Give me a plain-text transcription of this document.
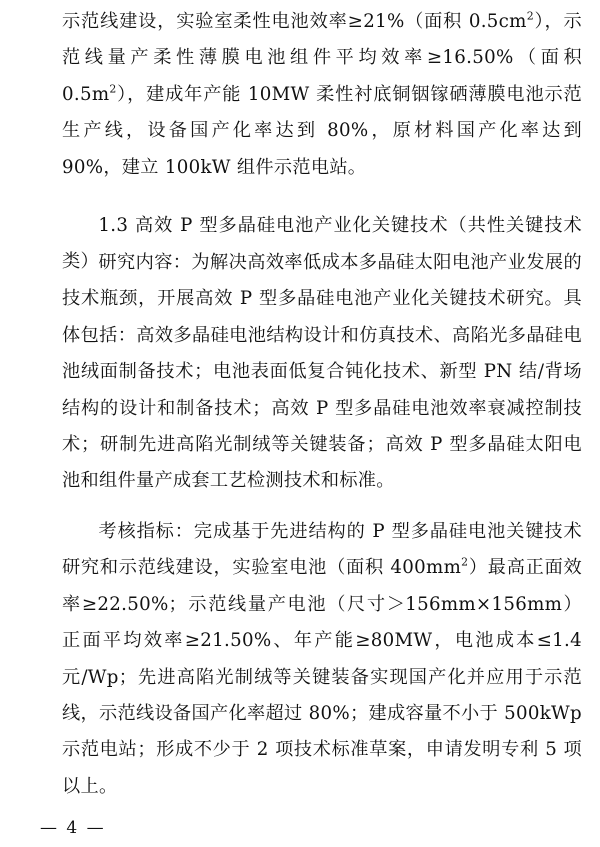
示范线建设，实验室柔性电池效率≥21%（面积 $0.5cm^2$），示范线量产柔性薄膜电池组件平均效率≥16.50%（面积 $0.5m^2$），建成年产能 10MW 柔性衬底铜铟镓硒薄膜电池示范生产线，设备国产化率达到 80%，原材料国产化率达到 90%，建立 100kW 组件示范电站。

1.3 高效 P 型多晶硅电池产业化关键技术（共性关键技术类） 研究内容：为解决高效率低成本多晶硅太阳电池产业发展的技术瓶颈，开展高效 P 型多晶硅电池产业化关键技术研究。具体包括：高效多晶硅电池结构设计和仿真技术、高陷光多晶硅电池绒面制备技术；电池表面低复合钝化技术、新型 PN 结/背场结构的设计和制备技术；高效 P 型多晶硅电池效率衰减控制技术；研制先进高陷光制绒等关键装备；高效 P 型多晶硅太阳电池和组件量产成套工艺检测技术和标准。

考核指标：完成基于先进结构的 P 型多晶硅电池关键技术研究和示范线建设，实验室电池（面积 $400mm^2$）最高正面效率≥22.50%；示范线量产电池（尺寸＞156mm×156mm）正面平均效率≥21.50%、年产能≥80MW，电池成本≤1.4 元/Wp；先进高陷光制绒等关键装备实现国产化并应用于示范线，示范线设备国产化率超过 80%；建成容量不小于 500kWp 示范电站；形成不少于 2 项技术标准草案，申请发明专利 5 项以上。

— 4 —
